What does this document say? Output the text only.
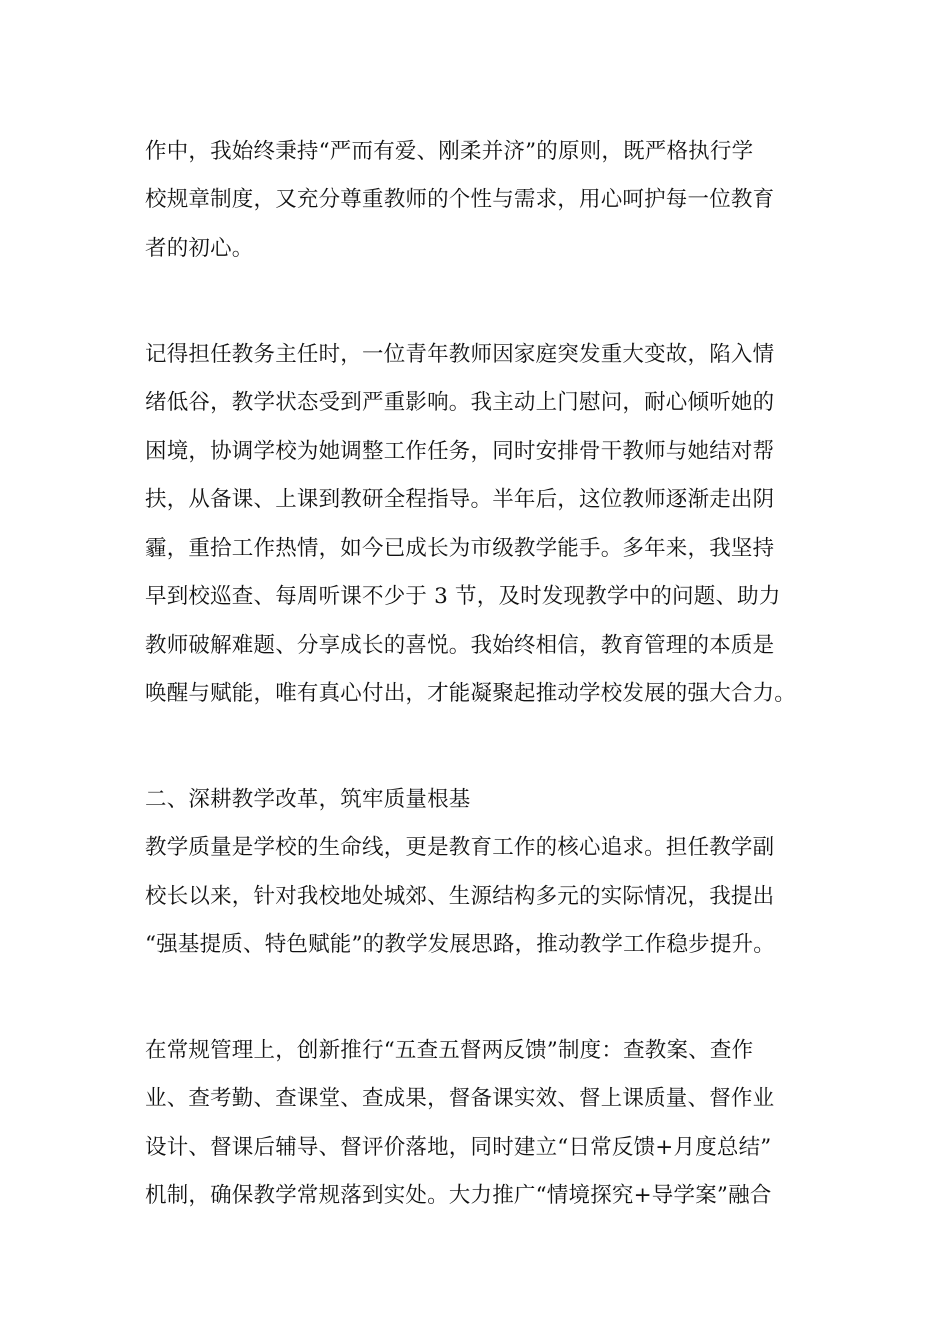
作中，我始终秉持“严而有爱、刚柔并济”的原则，既严格执行学
校规章制度，又充分尊重教师的个性与需求，用心呵护每一位教育
者的初心。
记得担任教务主任时，一位青年教师因家庭突发重大变故，陷入情
绪低谷，教学状态受到严重影响。我主动上门慰问，耐心倾听她的
困境，协调学校为她调整工作任务，同时安排骨干教师与她结对帮
扶，从备课、上课到教研全程指导。半年后，这位教师逐渐走出阴
霾，重拾工作热情，如今已成长为市级教学能手。多年来，我坚持
早到校巡查、每周听课不少于 3 节，及时发现教学中的问题、助力
教师破解难题、分享成长的喜悦。我始终相信，教育管理的本质是
唤醒与赋能，唯有真心付出，才能凝聚起推动学校发展的强大合力。
二、深耕教学改革，筑牢质量根基
教学质量是学校的生命线，更是教育工作的核心追求。担任教学副
校长以来，针对我校地处城郊、生源结构多元的实际情况，我提出
“强基提质、特色赋能”的教学发展思路，推动教学工作稳步提升。
在常规管理上，创新推行“五查五督两反馈”制度：查教案、查作
业、查考勤、查课堂、查成果，督备课实效、督上课质量、督作业
设计、督课后辅导、督评价落地，同时建立“日常反馈+月度总结”
机制，确保教学常规落到实处。大力推广“情境探究+导学案”融合
